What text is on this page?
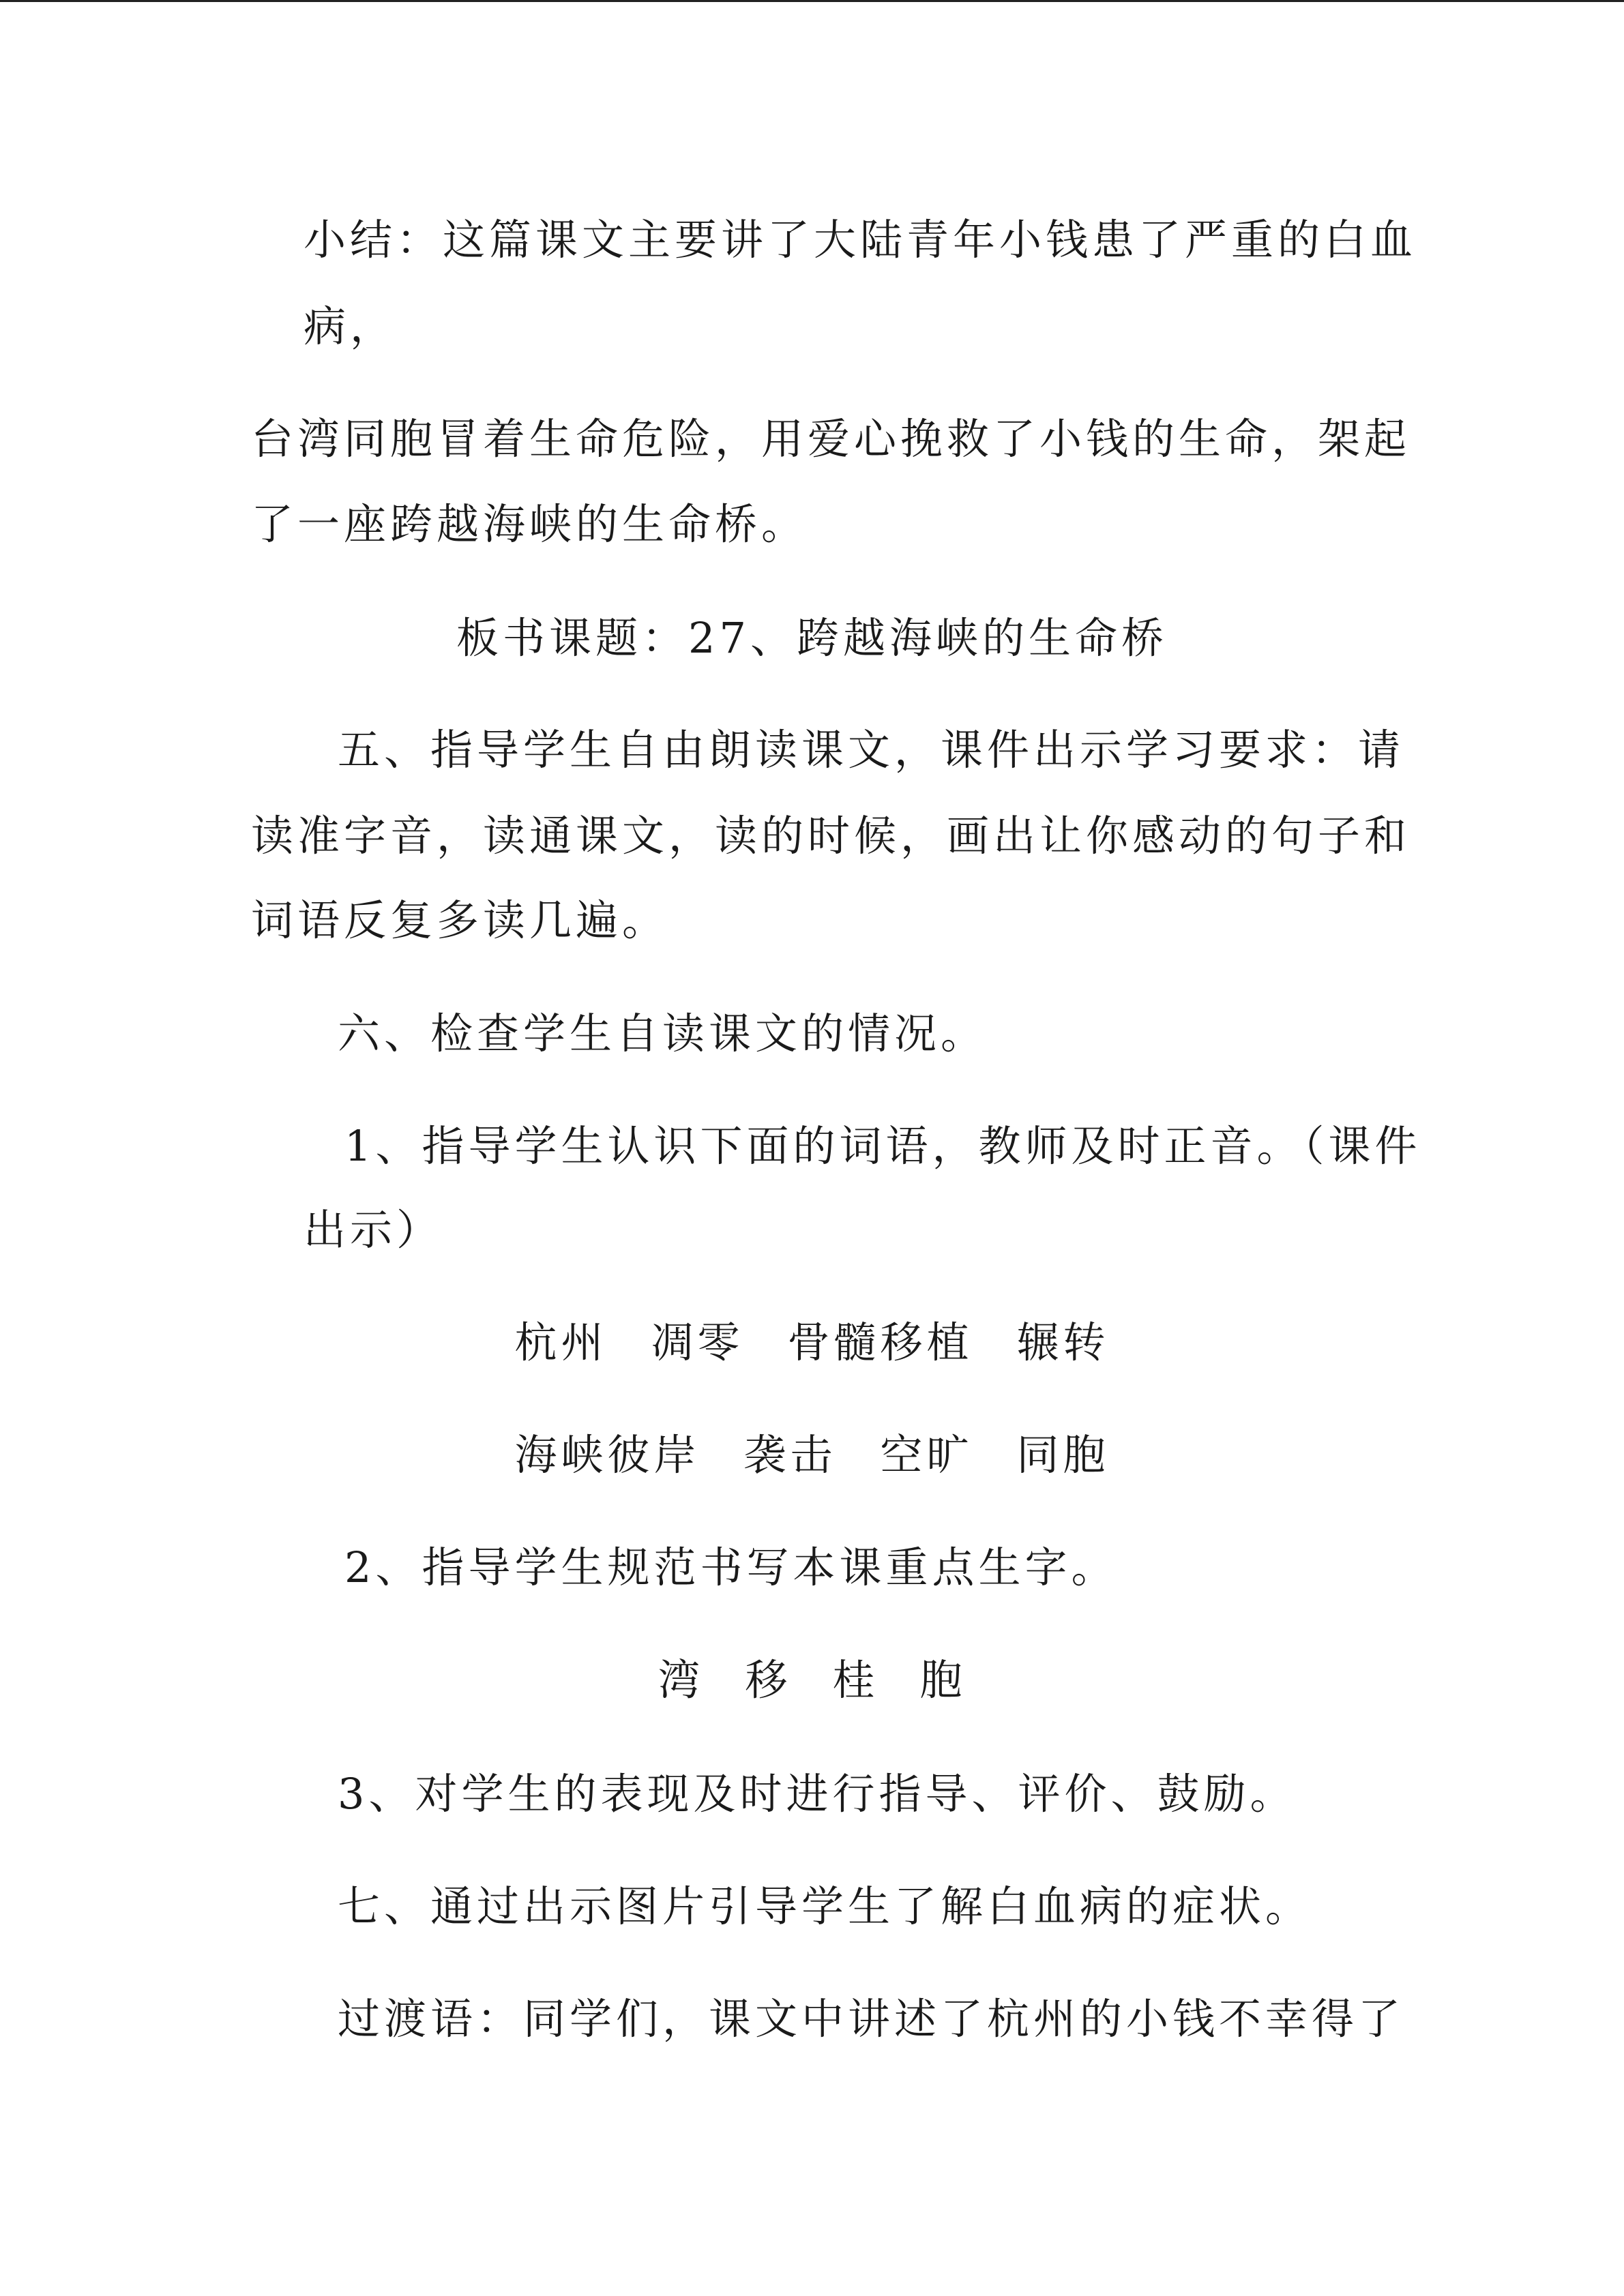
小结：这篇课文主要讲了大陆青年小钱患了严重的白血
病，
台湾同胞冒着生命危险，用爱心挽救了小钱的生命，架起
了一座跨越海峡的生命桥。
板书课题：27、跨越海峡的生命桥
五、指导学生自由朗读课文，课件出示学习要求：请
读准字音，读通课文，读的时候，画出让你感动的句子和
词语反复多读几遍。
六、检查学生自读课文的情况。
1、指导学生认识下面的词语，教师及时正音。（课件
出示）
杭州 凋零 骨髓移植 辗转
海峡彼岸 袭击 空旷 同胞
2、指导学生规范书写本课重点生字。
湾 移 桂 胞
3、对学生的表现及时进行指导、评价、鼓励。
七、通过出示图片引导学生了解白血病的症状。
过渡语：同学们，课文中讲述了杭州的小钱不幸得了
